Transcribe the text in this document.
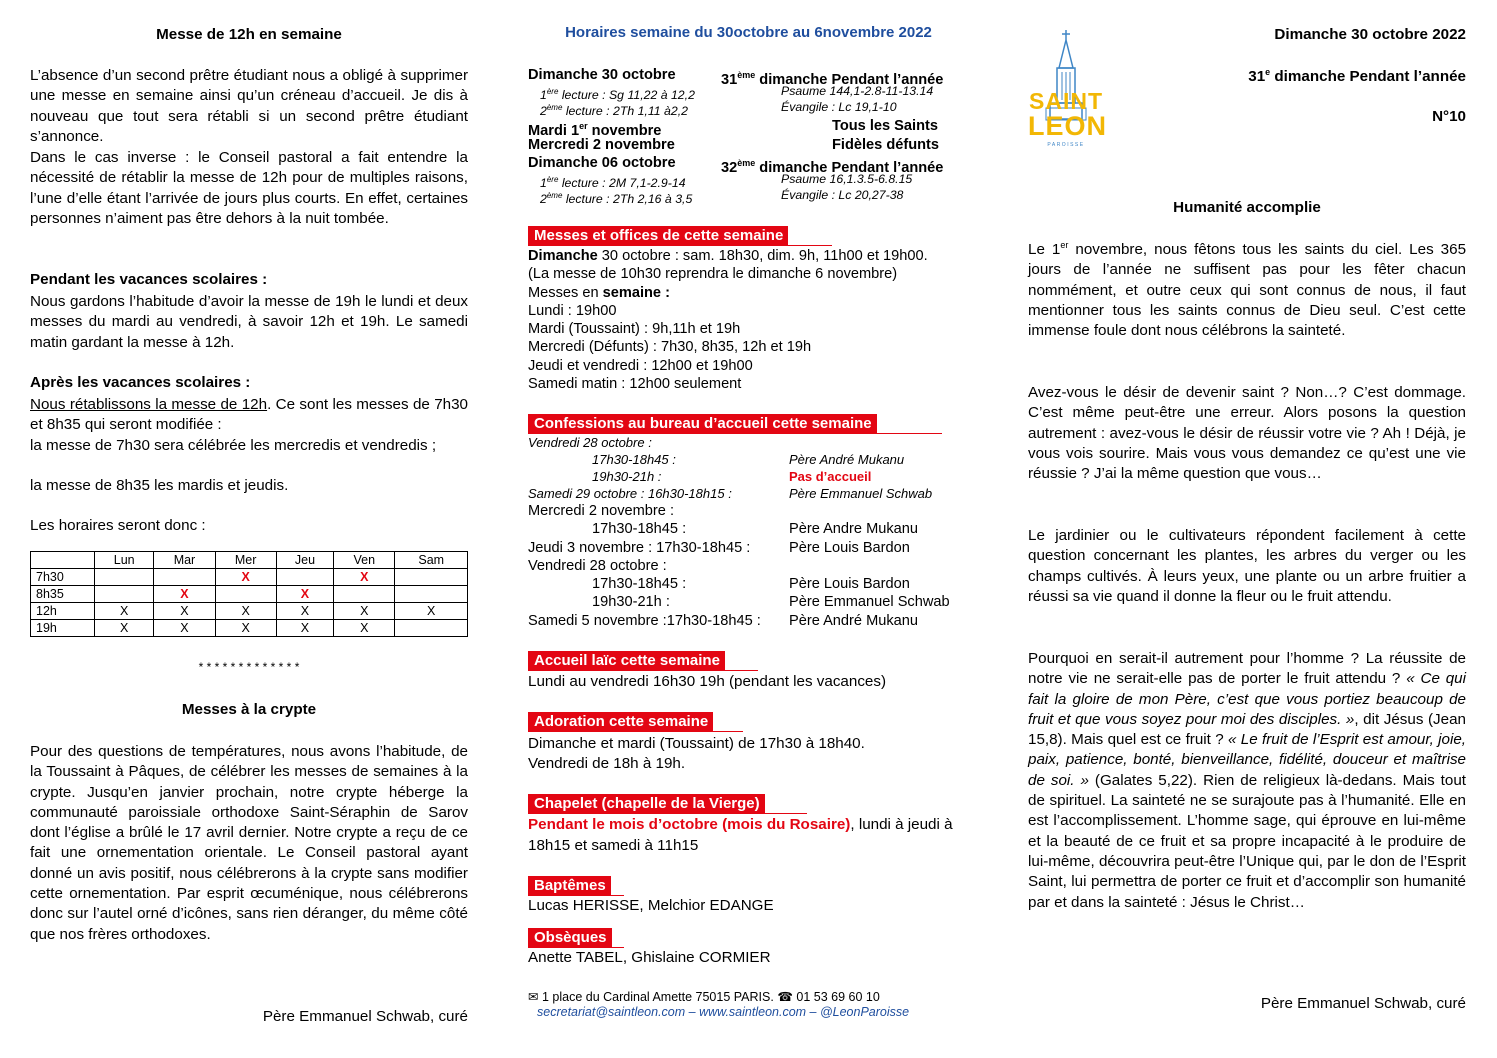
Messe de 12h en semaine

L’absence d’un second prêtre étudiant nous a obligé à supprimer une messe en semaine ainsi qu’un créneau d’accueil. Je dis à nouveau que tout sera rétabli si un second prêtre étudiant s’annonce.

Dans le cas inverse : le Conseil pastoral a fait entendre la nécessité de rétablir la messe de 12h pour de multiples raisons, l’une d’elle étant l’arrivée de jours plus courts. En effet, certaines personnes n’aiment pas être dehors à la nuit tombée.

Pendant les vacances scolaires :

Nous gardons l’habitude d’avoir la messe de 19h le lundi et deux messes du mardi au vendredi, à savoir 12h et 19h. Le samedi matin gardant la messe à 12h.

Après les vacances scolaires :

Nous rétablissons la messe de 12h. Ce sont les messes de 7h30 et 8h35 qui seront modifiée :

la messe de 7h30 sera célébrée les mercredis et vendredis ;

la messe de 8h35 les mardis et jeudis.

Les horaires seront donc :

	Lun	Mar	Mer	Jeu	Ven	Sam
7h30			X		X	
8h35		X		X		
12h	X	X	X	X	X	X
19h	X	X	X	X	X	

* * * * * * * * * * * * *

Messes à la crypte

Pour des questions de températures, nous avons l’habitude, de la Toussaint à Pâques, de célébrer les messes de semaines à la crypte. Jusqu’en janvier prochain, notre crypte héberge la communauté paroissiale orthodoxe Saint-Séraphin de Sarov dont l’église a brûlé le 17 avril dernier. Notre crypte a reçu de ce fait une ornementation orientale. Le Conseil pastoral ayant donné un avis positif, nous célébrerons à la crypte sans modifier cette ornementation. Par esprit œcuménique, nous célébrerons donc sur l’autel orné d’icônes, sans rien déranger, du même côté que nos frères orthodoxes.

Père Emmanuel Schwab, curé

Horaires semaine du 30octobre au 6novembre 2022

Dimanche 30 octobre	31ème dimanche Pendant l’année
1ère lecture : Sg 11,22 à 12,2	Psaume 144,1-2.8-11-13.14
2ème lecture : 2Th 1,11 à2,2	Évangile : Lc 19,1-10
Mardi 1er novembre	Tous les Saints
Mercredi 2 novembre	Fidèles défunts
Dimanche 06 octobre	32ème dimanche Pendant l’année
1ère lecture : 2M 7,1-2.9-14	Psaume 16,1.3.5-6.8.15
2ème lecture : 2Th 2,16 à 3,5	Évangile : Lc 20,27-38
Messes et offices de cette semaine

Dimanche 30 octobre : sam. 18h30, dim. 9h, 11h00 et 19h00.

(La messe de 10h30 reprendra le dimanche 6 novembre)

Messes en semaine :

Lundi : 19h00

Mardi (Toussaint) : 9h,11h et 19h

Mercredi (Défunts) : 7h30, 8h35, 12h et 19h

Jeudi et vendredi : 12h00 et 19h00

Samedi matin : 12h00 seulement

Confessions au bureau d’accueil cette semaine
Vendredi 28 octobre :
17h30-18h45 :	Père André Mukanu
19h30-21h :	Pas d’accueil
Samedi 29 octobre : 16h30-18h15 :	Père Emmanuel Schwab
Mercredi 2 novembre :
17h30-18h45 :	Père Andre Mukanu
Jeudi 3 novembre : 17h30-18h45 :	Père Louis Bardon
Vendredi 28 octobre :
17h30-18h45 :	Père Louis Bardon
19h30-21h :	Père Emmanuel Schwab
Samedi 5 novembre :17h30-18h45 : Père André Mukanu
Accueil laïc cette semaine

Lundi au vendredi 16h30 19h (pendant les vacances)

Adoration cette semaine

Dimanche et mardi (Toussaint) de 17h30 à 18h40.

Vendredi de 18h à 19h.

Chapelet (chapelle de la Vierge)

Pendant le mois d’octobre (mois du Rosaire), lundi à jeudi à 18h15 et samedi à 11h15

Baptêmes

Lucas HERISSE, Melchior EDANGE

Obsèques

Anette TABEL, Ghislaine CORMIER

✉ 1 place du Cardinal Amette 75015 PARIS. ☎ 01 53 69 60 10

secretariat@saintleon.com – www.saintleon.com – @LeonParoisse

SAINT

LEON

PAROISSE

Dimanche 30 octobre 2022

31e dimanche Pendant l’année

N°10

Humanité accomplie

Le 1er novembre, nous fêtons tous les saints du ciel. Les 365 jours de l’année ne suffisent pas pour les fêter chacun nommément, et outre ceux qui sont connus de nous, il faut mentionner tous les saints connus de Dieu seul. C’est cette immense foule dont nous célébrons la sainteté.

Avez-vous le désir de devenir saint ? Non…? C’est dommage. C’est même peut-être une erreur. Alors posons la question autrement : avez-vous le désir de réussir votre vie ? Ah ! Déjà, je vous vois sourire. Mais vous vous demandez ce qu’est une vie réussie ? J’ai la même question que vous…

Le jardinier ou le cultivateurs répondent facilement à cette question concernant les plantes, les arbres du verger ou les champs cultivés. À leurs yeux, une plante ou un arbre fruitier a réussi sa vie quand il donne la fleur ou le fruit attendu.

Pourquoi en serait-il autrement pour l’homme ? La réussite de notre vie ne serait-elle pas de porter le fruit attendu ? « Ce qui fait la gloire de mon Père, c’est que vous portiez beaucoup de fruit et que vous soyez pour moi des disciples. », dit Jésus (Jean 15,8). Mais quel est ce fruit ? « Le fruit de l’Esprit est amour, joie, paix, patience, bonté, bienveillance, fidélité, douceur et maîtrise de soi. » (Galates 5,22). Rien de religieux là-dedans. Mais tout de spirituel. La sainteté ne se surajoute pas à l’humanité. Elle en est l’accomplissement. L’homme sage, qui éprouve en lui-même et la beauté de ce fruit et sa propre incapacité à le produire de lui-même, découvrira peut-être l’Unique qui, par le don de l’Esprit Saint, lui permettra de porter ce fruit et d’accomplir son humanité par et dans la sainteté : Jésus le Christ…

Père Emmanuel Schwab, curé
